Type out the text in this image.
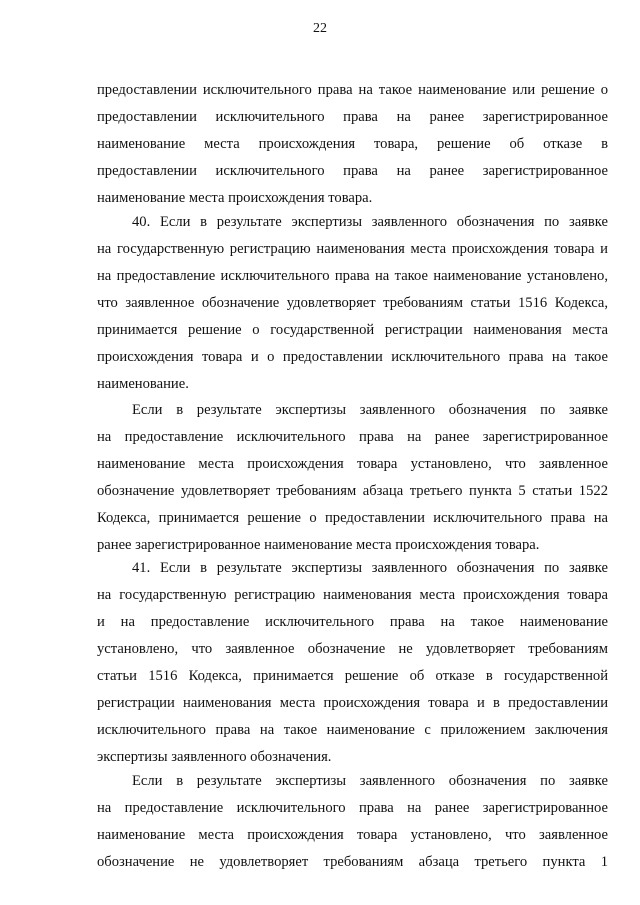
22
предоставлении исключительного права на такое наименование или решение о
предоставлении исключительного права на ранее зарегистрированное
наименование места происхождения товара, решение об отказе в
предоставлении исключительного права на ранее зарегистрированное
наименование места происхождения товара.
40. Если в результате экспертизы заявленного обозначения по заявке
на государственную регистрацию наименования места происхождения товара и
на предоставление исключительного права на такое наименование установлено,
что заявленное обозначение удовлетворяет требованиям статьи 1516 Кодекса,
принимается решение о государственной регистрации наименования места
происхождения товара и о предоставлении исключительного права на такое
наименование.
Если в результате экспертизы заявленного обозначения по заявке
на предоставление исключительного права на ранее зарегистрированное
наименование места происхождения товара установлено, что заявленное
обозначение удовлетворяет требованиям абзаца третьего пункта 5 статьи 1522
Кодекса, принимается решение о предоставлении исключительного права на
ранее зарегистрированное наименование места происхождения товара.
41. Если в результате экспертизы заявленного обозначения по заявке
на государственную регистрацию наименования места происхождения товара
и на предоставление исключительного права на такое наименование
установлено, что заявленное обозначение не удовлетворяет требованиям
статьи 1516 Кодекса, принимается решение об отказе в государственной
регистрации наименования места происхождения товара и в предоставлении
исключительного права на такое наименование с приложением заключения
экспертизы заявленного обозначения.
Если в результате экспертизы заявленного обозначения по заявке
на предоставление исключительного права на ранее зарегистрированное
наименование места происхождения товара установлено, что заявленное
обозначение не удовлетворяет требованиям абзаца третьего пункта 1
